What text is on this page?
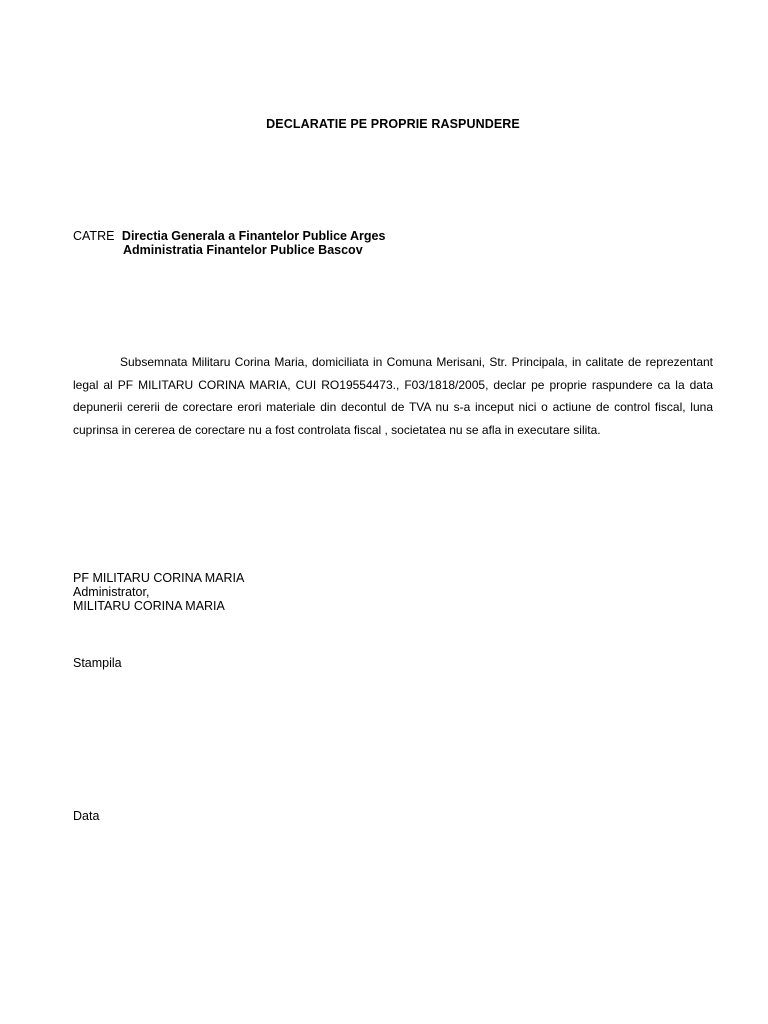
DECLARATIE PE PROPRIE RASPUNDERE
CATRE Directia Generala a Finantelor Publice Arges
Administratia Finantelor Publice Bascov
Subsemnata Militaru Corina Maria, domiciliata in Comuna Merisani, Str. Principala, in calitate de reprezentant legal al PF MILITARU CORINA MARIA, CUI RO19554473., F03/1818/2005, declar pe proprie raspundere ca la data depunerii cererii de corectare erori materiale din decontul de TVA nu s-a inceput nici o actiune de control fiscal, luna cuprinsa in cererea de corectare nu a fost controlata fiscal , societatea nu se afla in executare silita.
PF MILITARU CORINA MARIA
Administrator,
MILITARU CORINA MARIA
Stampila
Data
